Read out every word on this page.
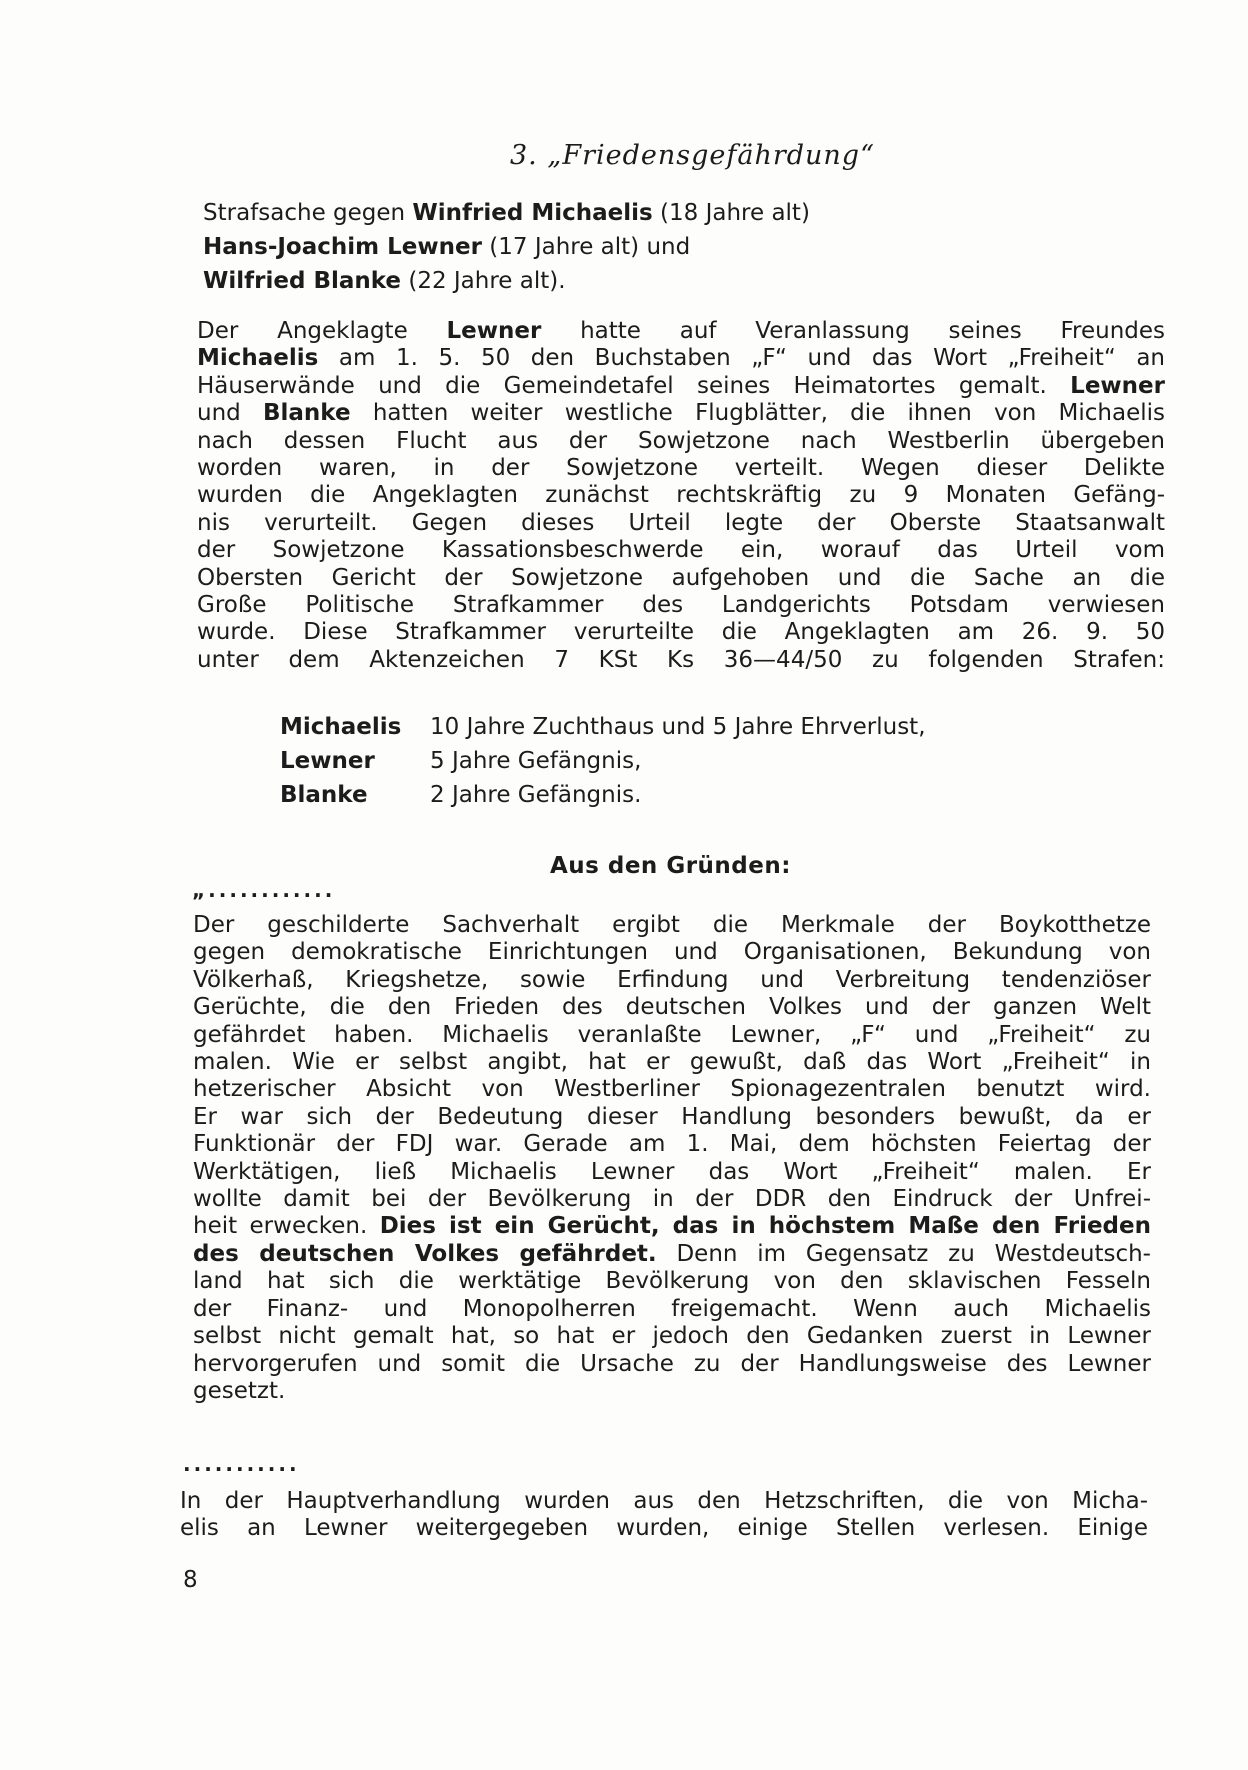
3. „Friedensgefährdung“
Strafsache gegen Winfried Michaelis (18 Jahre alt)
Hans-Joachim Lewner (17 Jahre alt) und
Wilfried Blanke (22 Jahre alt).
Der Angeklagte Lewner hatte auf Veranlassung seines Freundes
Michaelis am 1. 5. 50 den Buchstaben „F“ und das Wort „Freiheit“ an
Häuserwände und die Gemeindetafel seines Heimatortes gemalt. Lewner
und Blanke hatten weiter westliche Flugblätter, die ihnen von Michaelis
nach dessen Flucht aus der Sowjetzone nach Westberlin übergeben
worden waren, in der Sowjetzone verteilt. Wegen dieser Delikte
wurden die Angeklagten zunächst rechtskräftig zu 9 Monaten Gefäng-
nis verurteilt. Gegen dieses Urteil legte der Oberste Staatsanwalt
der Sowjetzone Kassationsbeschwerde ein, worauf das Urteil vom
Obersten Gericht der Sowjetzone aufgehoben und die Sache an die
Große Politische Strafkammer des Landgerichts Potsdam verwiesen
wurde. Diese Strafkammer verurteilte die Angeklagten am 26. 9. 50
unter dem Aktenzeichen 7 KSt Ks 36—44/50 zu folgenden Strafen:
Michaelis	10 Jahre Zuchthaus und 5 Jahre Ehrverlust,
Lewner	5 Jahre Gefängnis,
Blanke	2 Jahre Gefängnis.
Aus den Gründen:
„............
Der geschilderte Sachverhalt ergibt die Merkmale der Boykotthetze
gegen demokratische Einrichtungen und Organisationen, Bekundung von
Völkerhaß, Kriegshetze, sowie Erfindung und Verbreitung tendenziöser
Gerüchte, die den Frieden des deutschen Volkes und der ganzen Welt
gefährdet haben. Michaelis veranlaßte Lewner, „F“ und „Freiheit“ zu
malen. Wie er selbst angibt, hat er gewußt, daß das Wort „Freiheit“ in
hetzerischer Absicht von Westberliner Spionagezentralen benutzt wird.
Er war sich der Bedeutung dieser Handlung besonders bewußt, da er
Funktionär der FDJ war. Gerade am 1. Mai, dem höchsten Feiertag der
Werktätigen, ließ Michaelis Lewner das Wort „Freiheit“ malen. Er
wollte damit bei der Bevölkerung in der DDR den Eindruck der Unfrei-
heit erwecken. Dies ist ein Gerücht, das in höchstem Maße den Frieden
des deutschen Volkes gefährdet. Denn im Gegensatz zu Westdeutsch-
land hat sich die werktätige Bevölkerung von den sklavischen Fesseln
der Finanz- und Monopolherren freigemacht. Wenn auch Michaelis
selbst nicht gemalt hat, so hat er jedoch den Gedanken zuerst in Lewner
hervorgerufen und somit die Ursache zu der Handlungsweise des Lewner
gesetzt.
...........
In der Hauptverhandlung wurden aus den Hetzschriften, die von Micha-
elis an Lewner weitergegeben wurden, einige Stellen verlesen. Einige
8
